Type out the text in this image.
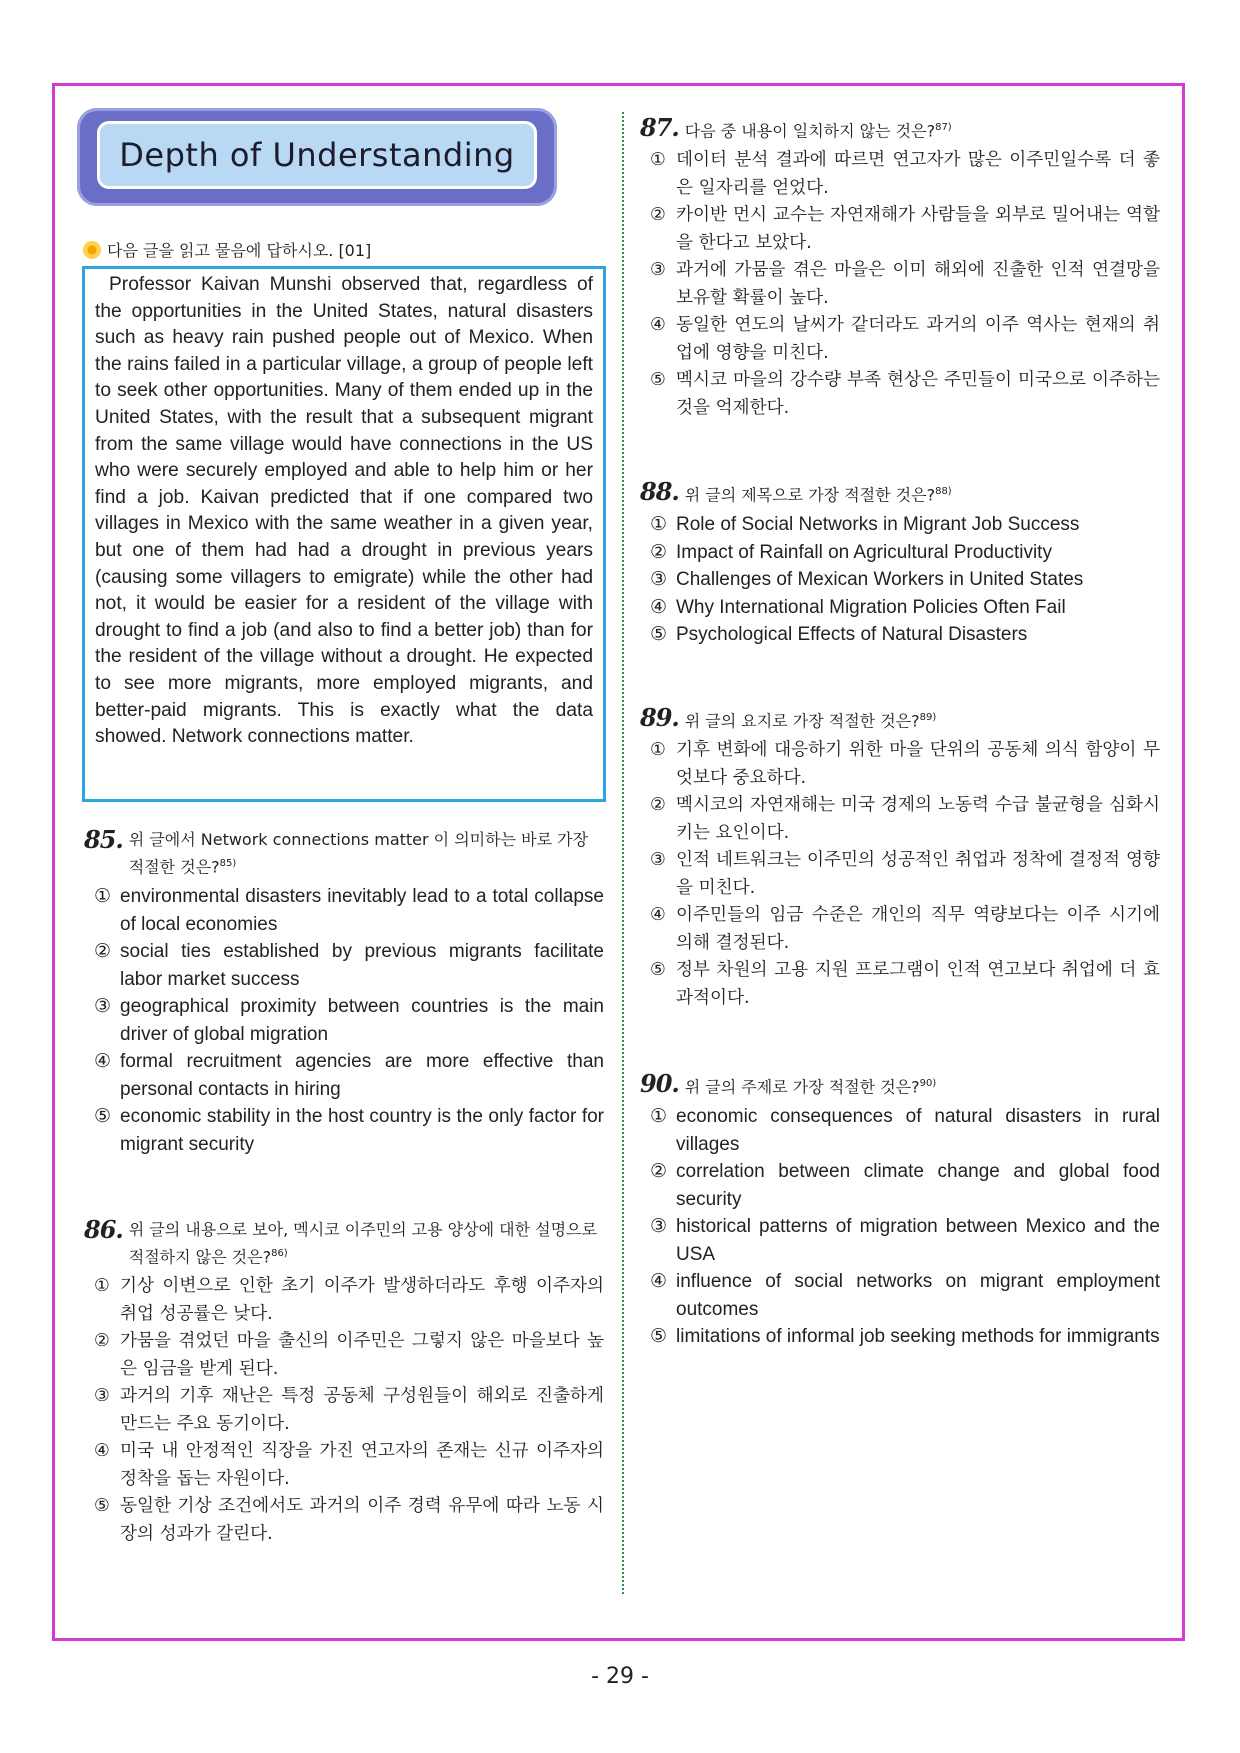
Depth of Understanding
다음 글을 읽고 물음에 답하시오. [01]
Professor Kaivan Munshi observed that, regardless of the opportunities in the United States, natural disasters such as heavy rain pushed people out of Mexico. When the rains failed in a particular village, a group of people left to seek other opportunities. Many of them ended up in the United States, with the result that a subsequent migrant from the same village would have connections in the US who were securely employed and able to help him or her find a job. Kaivan predicted that if one compared two villages in Mexico with the same weather in a given year, but one of them had had a drought in previous years (causing some villagers to emigrate) while the other had not, it would be easier for a resident of the village with drought to find a job (and also to find a better job) than for the resident of the village without a drought. He expected to see more migrants, more employed migrants, and better-paid migrants. This is exactly what the data showed. Network connections matter.
85. 위 글에서 Network connections matter 이 의미하는 바로 가장 적절한 것은?$^{85)}$
① environmental disasters inevitably lead to a total collapse of local economies
② social ties established by previous migrants facilitate labor market success
③ geographical proximity between countries is the main driver of global migration
④ formal recruitment agencies are more effective than personal contacts in hiring
⑤ economic stability in the host country is the only factor for migrant security
86. 위 글의 내용으로 보아, 멕시코 이주민의 고용 양상에 대한 설명으로 적절하지 않은 것은?$^{86)}$
① 기상 이변으로 인한 초기 이주가 발생하더라도 후행 이주자의 취업 성공률은 낮다.
② 가뭄을 겪었던 마을 출신의 이주민은 그렇지 않은 마을보다 높은 임금을 받게 된다.
③ 과거의 기후 재난은 특정 공동체 구성원들이 해외로 진출하게 만드는 주요 동기이다.
④ 미국 내 안정적인 직장을 가진 연고자의 존재는 신규 이주자의 정착을 돕는 자원이다.
⑤ 동일한 기상 조건에서도 과거의 이주 경력 유무에 따라 노동 시장의 성과가 갈린다.
87. 다음 중 내용이 일치하지 않는 것은?$^{87)}$
① 데이터 분석 결과에 따르면 연고자가 많은 이주민일수록 더 좋은 일자리를 얻었다.
② 카이반 먼시 교수는 자연재해가 사람들을 외부로 밀어내는 역할을 한다고 보았다.
③ 과거에 가뭄을 겪은 마을은 이미 해외에 진출한 인적 연결망을 보유할 확률이 높다.
④ 동일한 연도의 날씨가 같더라도 과거의 이주 역사는 현재의 취업에 영향을 미친다.
⑤ 멕시코 마을의 강수량 부족 현상은 주민들이 미국으로 이주하는 것을 억제한다.
88. 위 글의 제목으로 가장 적절한 것은?$^{88)}$
① Role of Social Networks in Migrant Job Success
② Impact of Rainfall on Agricultural Productivity
③ Challenges of Mexican Workers in United States
④ Why International Migration Policies Often Fail
⑤ Psychological Effects of Natural Disasters
89. 위 글의 요지로 가장 적절한 것은?$^{89)}$
① 기후 변화에 대응하기 위한 마을 단위의 공동체 의식 함양이 무엇보다 중요하다.
② 멕시코의 자연재해는 미국 경제의 노동력 수급 불균형을 심화시키는 요인이다.
③ 인적 네트워크는 이주민의 성공적인 취업과 정착에 결정적 영향을 미친다.
④ 이주민들의 임금 수준은 개인의 직무 역량보다는 이주 시기에 의해 결정된다.
⑤ 정부 차원의 고용 지원 프로그램이 인적 연고보다 취업에 더 효과적이다.
90. 위 글의 주제로 가장 적절한 것은?$^{90)}$
① economic consequences of natural disasters in rural villages
② correlation between climate change and global food security
③ historical patterns of migration between Mexico and the USA
④ influence of social networks on migrant employment outcomes
⑤ limitations of informal job seeking methods for immigrants
- 29 -
